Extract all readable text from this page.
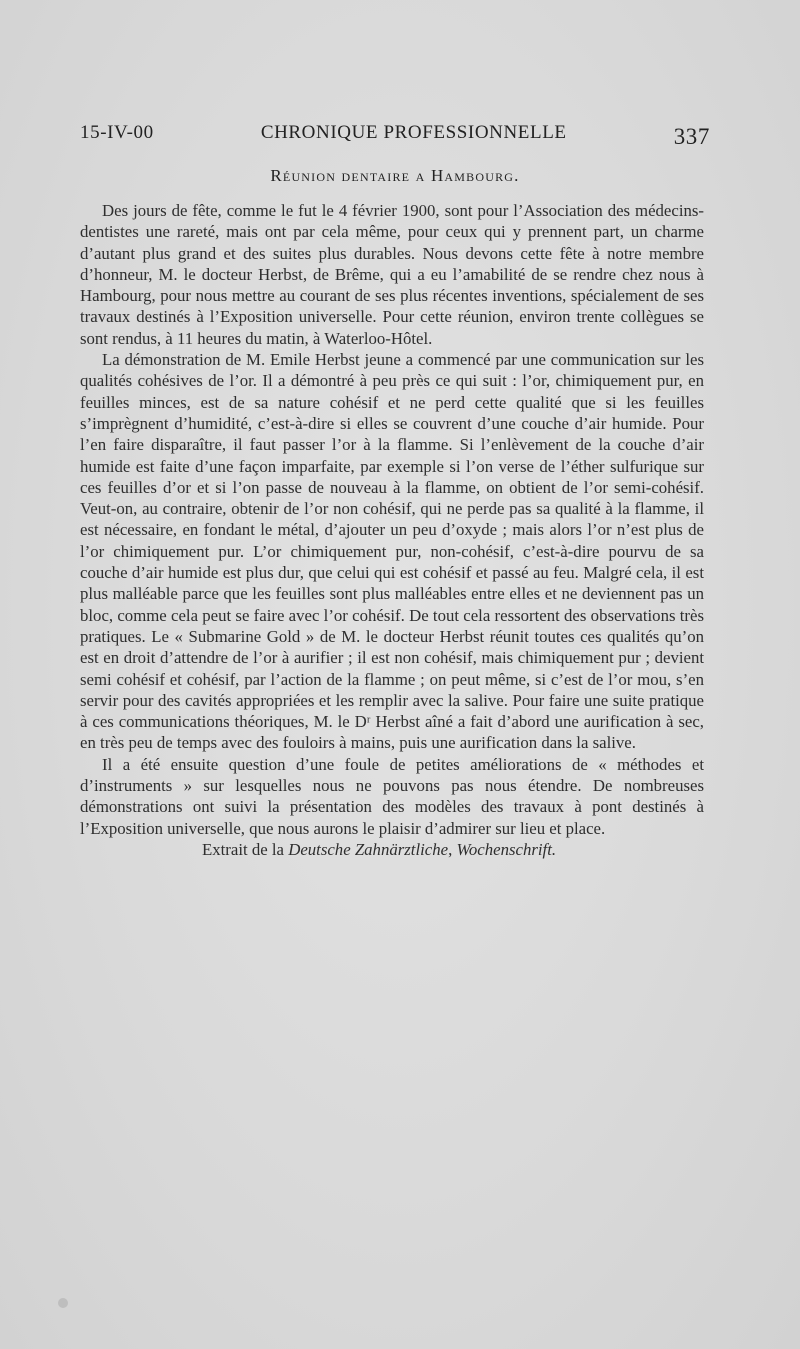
15-IV-00	CHRONIQUE PROFESSIONNELLE	337
Réunion dentaire a Hambourg.

Des jours de fête, comme le fut le 4 février 1900, sont pour l’Association des médecins-dentistes une rareté, mais ont par cela même, pour ceux qui y prennent part, un charme d’autant plus grand et des suites plus durables. Nous devons cette fête à notre membre d’honneur, M. le docteur Herbst, de Brême, qui a eu l’amabilité de se rendre chez nous à Hambourg, pour nous mettre au courant de ses plus récentes inventions, spécialement de ses travaux destinés à l’Exposition universelle. Pour cette réunion, environ trente collègues se sont rendus, à 11 heures du matin, à Waterloo-Hôtel.

La démonstration de M. Emile Herbst jeune a commencé par une communication sur les qualités cohésives de l’or. Il a démontré à peu près ce qui suit : l’or, chimiquement pur, en feuilles minces, est de sa nature cohésif et ne perd cette qualité que si les feuilles s’imprègnent d’humidité, c’est-à-dire si elles se couvrent d’une couche d’air humide. Pour l’en faire disparaître, il faut passer l’or à la flamme. Si l’enlèvement de la couche d’air humide est faite d’une façon imparfaite, par exemple si l’on verse de l’éther sulfurique sur ces feuilles d’or et si l’on passe de nouveau à la flamme, on obtient de l’or semi-cohésif. Veut-on, au contraire, obtenir de l’or non cohésif, qui ne perde pas sa qualité à la flamme, il est nécessaire, en fondant le métal, d’ajouter un peu d’oxyde ; mais alors l’or n’est plus de l’or chimiquement pur. L’or chimiquement pur, non-cohésif, c’est-à-dire pourvu de sa couche d’air humide est plus dur, que celui qui est cohésif et passé au feu. Malgré cela, il est plus malléable parce que les feuilles sont plus malléables entre elles et ne deviennent pas un bloc, comme cela peut se faire avec l’or cohésif. De tout cela ressortent des observations très pratiques. Le « Submarine Gold » de M. le docteur Herbst réunit toutes ces qualités qu’on est en droit d’attendre de l’or à aurifier ; il est non cohésif, mais chimiquement pur ; devient semi cohésif et cohésif, par l’action de la flamme ; on peut même, si c’est de l’or mou, s’en servir pour des cavités appropriées et les remplir avec la salive. Pour faire une suite pratique à ces communications théoriques, M. le Dʳ Herbst aîné a fait d’abord une aurification à sec, en très peu de temps avec des fouloirs à mains, puis une aurification dans la salive.

Il a été ensuite question d’une foule de petites améliorations de « méthodes et d’instruments » sur lesquelles nous ne pouvons pas nous étendre. De nombreuses démonstrations ont suivi la présentation des modèles des travaux à pont destinés à l’Exposition universelle, que nous aurons le plaisir d’admirer sur lieu et place.

Extrait de la Deutsche Zahnärztliche, Wochenschrift.
